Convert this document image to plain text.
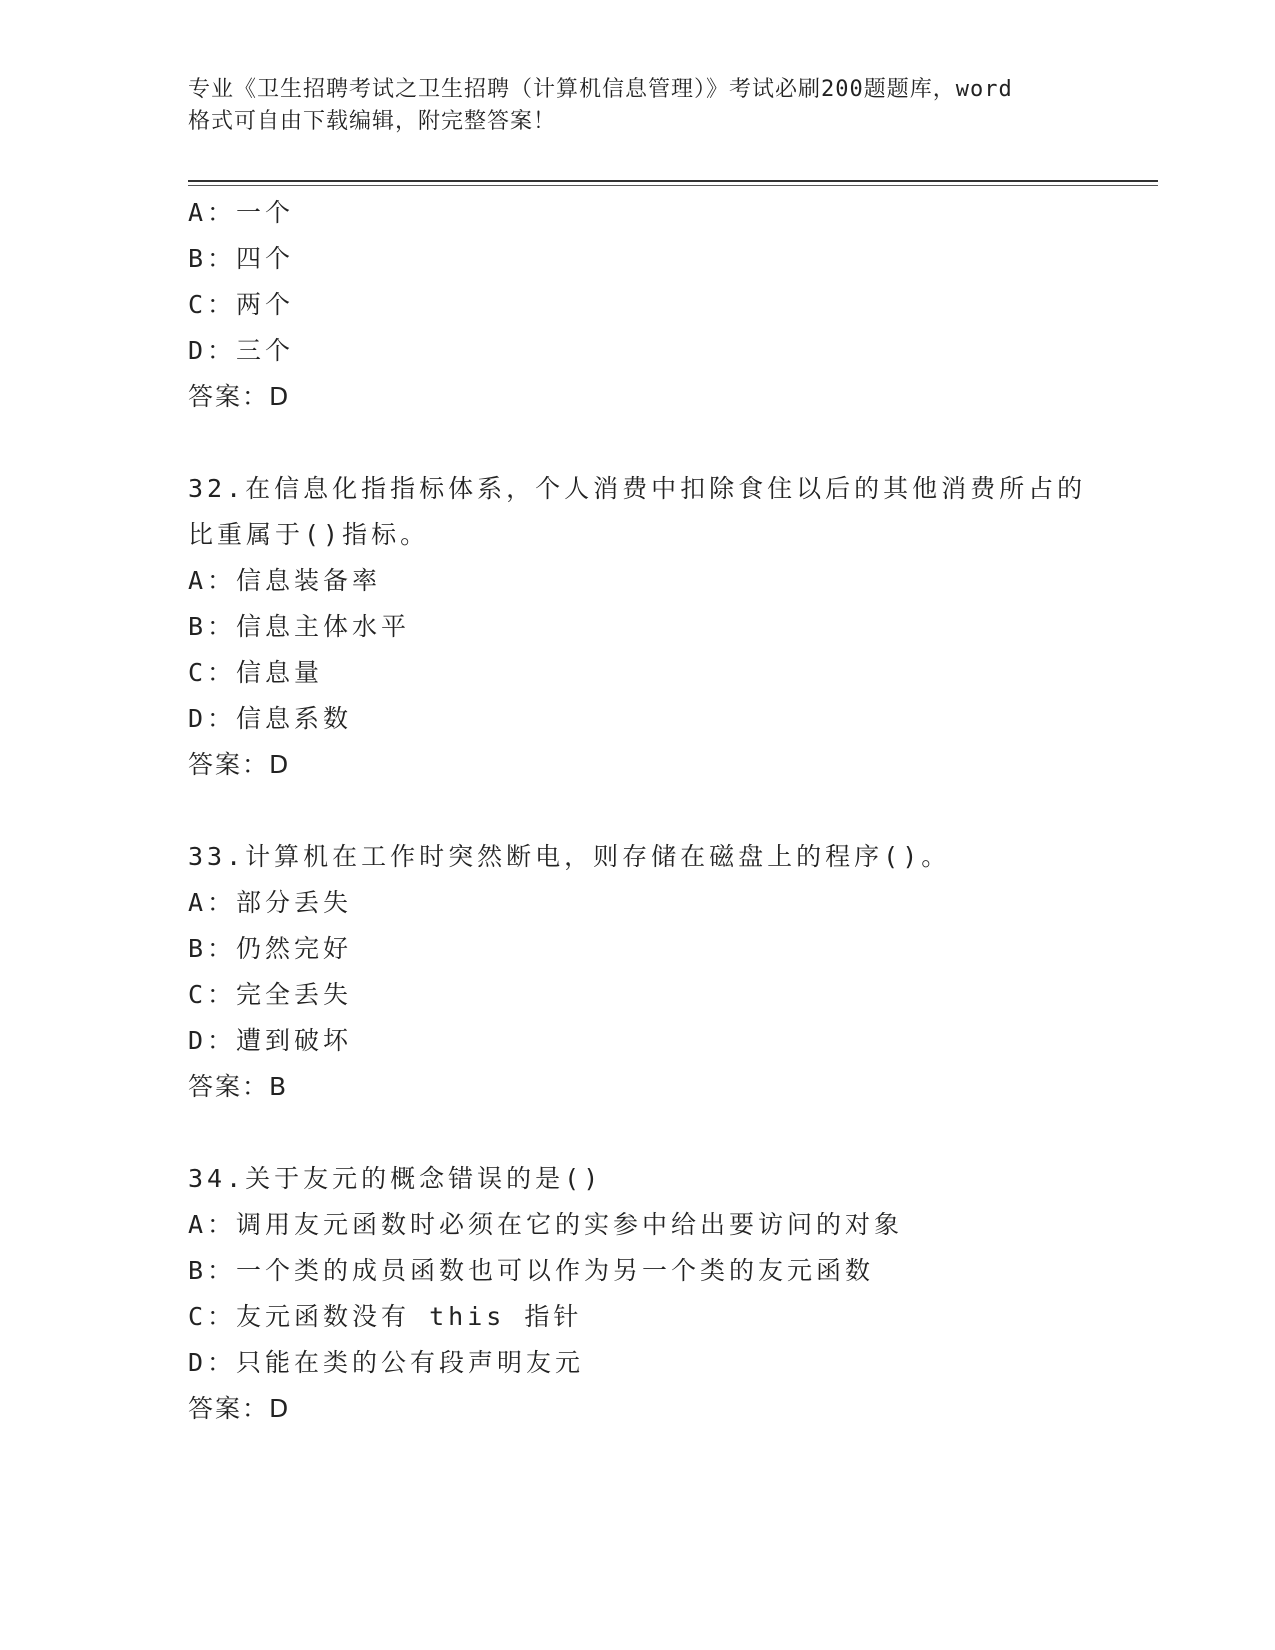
专业《卫生招聘考试之卫生招聘（计算机信息管理）》考试必刷200题题库，word
格式可自由下载编辑，附完整答案！
A：一个
B：四个
C：两个
D：三个
答案：D
32.在信息化指指标体系，个人消费中扣除食住以后的其他消费所占的
比重属于()指标。
A：信息装备率
B：信息主体水平
C：信息量
D：信息系数
答案：D
33.计算机在工作时突然断电，则存储在磁盘上的程序()。
A：部分丢失
B：仍然完好
C：完全丢失
D：遭到破坏
答案：B
34.关于友元的概念错误的是()
A：调用友元函数时必须在它的实参中给出要访问的对象
B：一个类的成员函数也可以作为另一个类的友元函数
C：友元函数没有 this 指针
D：只能在类的公有段声明友元
答案：D
